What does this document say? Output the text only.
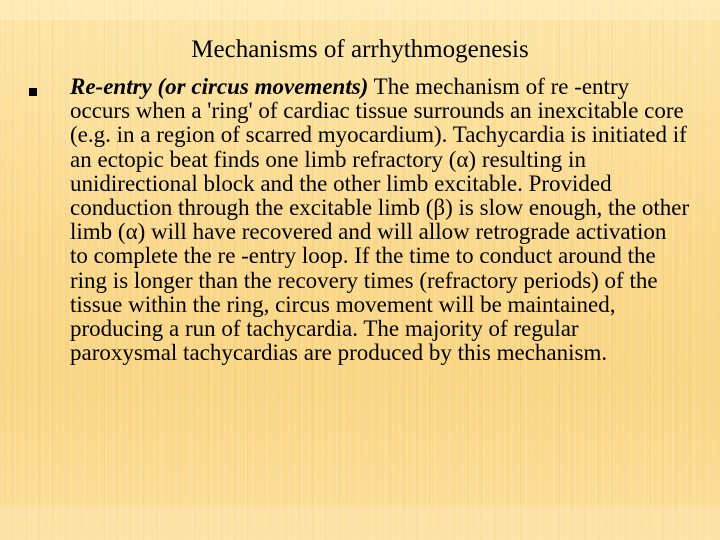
Mechanisms of arrhythmogenesis

Re-entry (or circus movements) The mechanism of re -entry occurs when a 'ring' of cardiac tissue surrounds an inexcitable core (e.g. in a region of scarred myocardium). Tachycardia is initiated if an ectopic beat finds one limb refractory (α) resulting in unidirectional block and the other limb excitable. Provided conduction through the excitable limb (β) is slow enough, the other limb (α) will have recovered and will allow retrograde activation to complete the re -entry loop. If the time to conduct around the ring is longer than the recovery times (refractory periods) of the tissue within the ring, circus movement will be maintained, producing a run of tachycardia. The majority of regular paroxysmal tachycardias are produced by this mechanism.
